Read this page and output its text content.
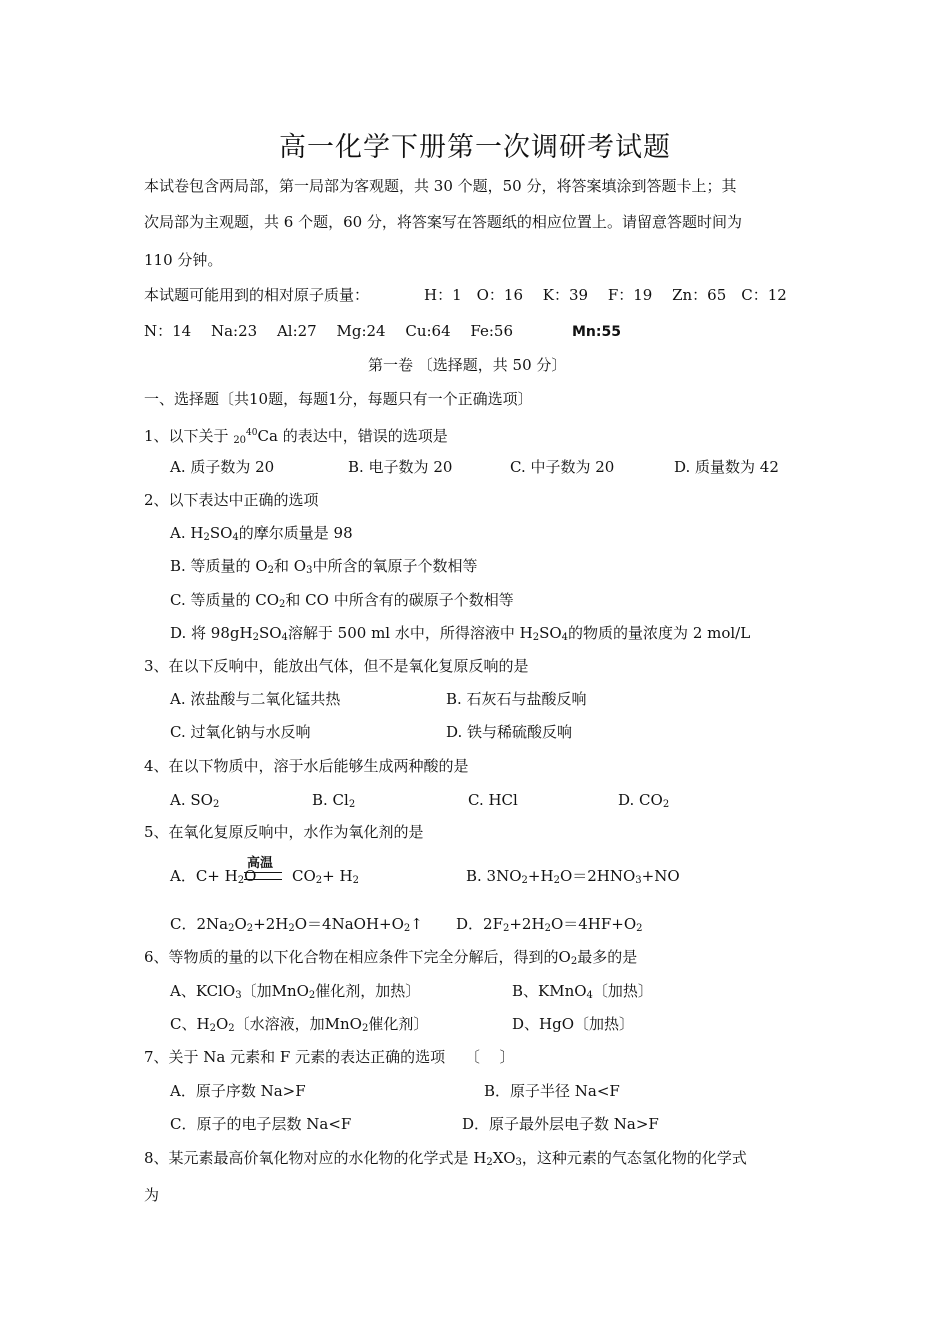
高一化学下册第一次调研考试题
本试卷包含两局部，第一局部为客观题，共 30 个题，50 分，将答案填涂到答题卡上；其
次局部为主观题，共 6 个题，60 分，将答案写在答题纸的相应位置上。请留意答题时间为
110 分钟。
本试题可能用到的相对原子质量：	H：1　O：16　 K：39　 F：19　 Zn：65　C：12
N：14　 Na:23　 Al:27　 Mg:24　 Cu:64　 Fe:56	Mn:55
第一卷 〔选择题，共 50 分〕
一、选择题〔共10题，每题1分，每题只有一个正确选项〕
1、以下关于 $_{20}^{40}$Ca 的表达中，错误的选项是
A. 质子数为 20	B. 电子数为 20	C. 中子数为 20	D. 质量数为 42
2、以下表达中正确的选项
A. $H_2SO_4$的摩尔质量是 98
B. 等质量的 $O_2$和 $O_3$中所含的氧原子个数相等
C. 等质量的 $CO_2$和 CO 中所含有的碳原子个数相等
D. 将 $98gH_2SO_4$溶解于 500 ml 水中，所得溶液中 $H_2SO_4$的物质的量浓度为 2 mol/L
3、在以下反响中，能放出气体，但不是氧化复原反响的是
A. 浓盐酸与二氧化锰共热	B. 石灰石与盐酸反响
C. 过氧化钠与水反响	D. 铁与稀硫酸反响
4、在以下物质中，溶于水后能够生成两种酸的是
A. $SO_2$	B. $Cl_2$	C. HCl	D. $CO_2$
5、在氧化复原反响中，水作为氧化剂的是
A．$C+ H_2O$
高温
$CO_2+ H_2$	B. $3NO_2+H_2O=2HNO_3+NO$
C．$2Na_2O_2+2H_2O=4NaOH+O_2↑$ D．$2F_2+2H_2O=4HF+O_2$
6、等物质的量的以下化合物在相应条件下完全分解后，得到的$O_2$最多的是
A、KClO$_3$〔加MnO$_2$催化剂，加热〕	B、KMnO$_4$〔加热〕
C、$H_2O_2$〔水溶液，加MnO$_2$催化剂〕	D、HgO〔加热〕
7、关于 Na 元素和 F 元素的表达正确的选项　 〔　 〕
A．原子序数 Na>F	B．原子半径 Na<F
C．原子的电子层数 Na<F	D．原子最外层电子数 Na>F
8、某元素最高价氧化物对应的水化物的化学式是 $H_2XO_3$，这种元素的气态氢化物的化学式
为
